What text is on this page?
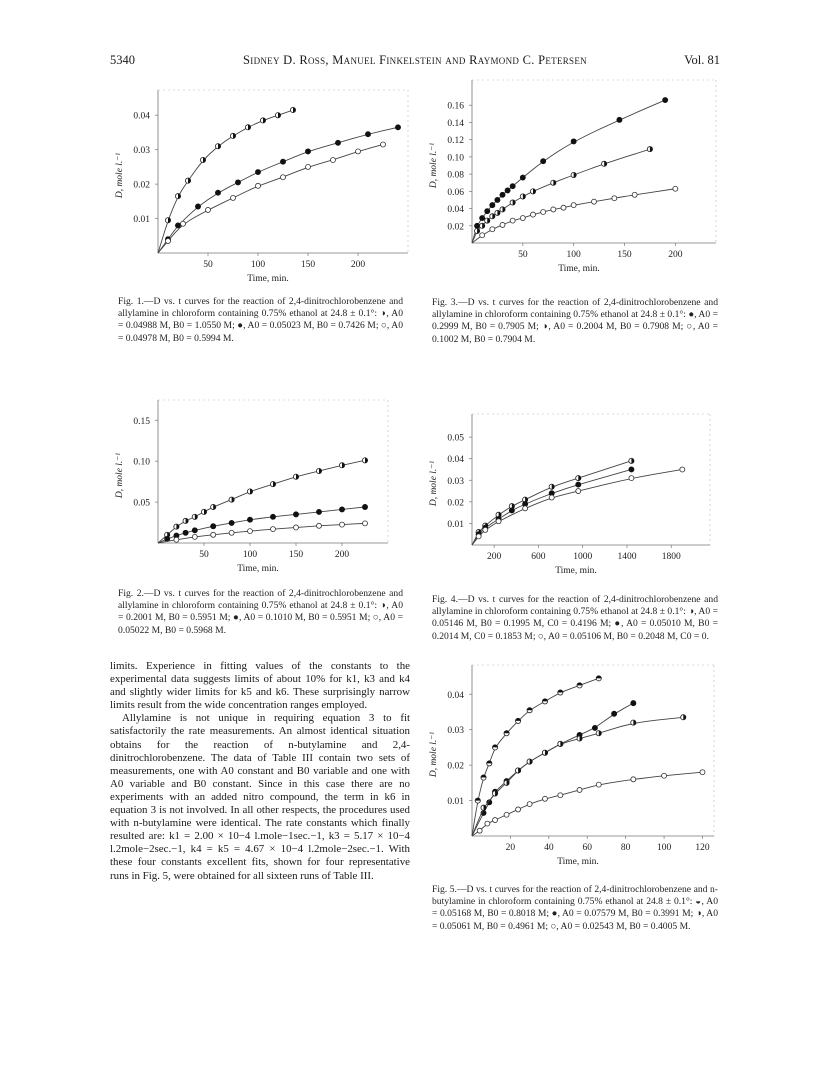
5340	Sidney D. Ross, Manuel Finkelstein and Raymond C. Petersen	Vol. 81
50	100	150	200
0.01
0.02
0.03
0.04
Time, min.
D, mole l.⁻¹
Fig. 1.—D vs. t curves for the reaction of 2,4-dinitrochlorobenzene and allylamine in chloroform containing 0.75% ethanol at 24.8 ± 0.1°: ◑, A0 = 0.04988 M, B0 = 1.0550 M; ●, A0 = 0.05023 M, B0 = 0.7426 M; ○, A0 = 0.04978 M, B0 = 0.5994 M.
50	100	150	200
0.05
0.10
0.15
Time, min.
D, mole l.⁻¹
Fig. 2.—D vs. t curves for the reaction of 2,4-dinitrochlorobenzene and allylamine in chloroform containing 0.75% ethanol at 24.8 ± 0.1°: ◑, A0 = 0.2001 M, B0 = 0.5951 M; ●, A0 = 0.1010 M, B0 = 0.5951 M; ○, A0 = 0.05022 M, B0 = 0.5968 M.
50	100	150	200
0.02
0.04
0.06
0.08
0.10
0.12
0.14
0.16
Time, min.
D, mole l.⁻¹
Fig. 3.—D vs. t curves for the reaction of 2,4-dinitrochlorobenzene and allylamine in chloroform containing 0.75% ethanol at 24.8 ± 0.1°: ●, A0 = 0.2999 M, B0 = 0.7905 M; ◑, A0 = 0.2004 M, B0 = 0.7908 M; ○, A0 = 0.1002 M, B0 = 0.7904 M.
200	600	1000	1400	1800
0.01
0.02
0.03
0.04
0.05
Time, min.
D, mole l.⁻¹
Fig. 4.—D vs. t curves for the reaction of 2,4-dinitrochlorobenzene and allylamine in chloroform containing 0.75% ethanol at 24.8 ± 0.1°: ◑, A0 = 0.05146 M, B0 = 0.1995 M, C0 = 0.4196 M; ●, A0 = 0.05010 M, B0 = 0.2014 M, C0 = 0.1853 M; ○, A0 = 0.05106 M, B0 = 0.2048 M, C0 = 0.
20	40	60	80	100	120
0.01
0.02
0.03
0.04
Time, min.
D, mole l.⁻¹
Fig. 5.—D vs. t curves for the reaction of 2,4-dinitrochlorobenzene and n-butylamine in chloroform containing 0.75% ethanol at 24.8 ± 0.1°: ◒, A0 = 0.05168 M, B0 = 0.8018 M; ●, A0 = 0.07579 M, B0 = 0.3991 M; ◑, A0 = 0.05061 M, B0 = 0.4961 M; ○, A0 = 0.02543 M, B0 = 0.4005 M.

limits. Experience in fitting values of the constants to the experimental data suggests limits of about 10% for k1, k3 and k4 and slightly wider limits for k5 and k6. These surprisingly narrow limits result from the wide concentration ranges employed.

Allylamine is not unique in requiring equation 3 to fit satisfactorily the rate measurements. An almost identical situation obtains for the reaction of n-butylamine and 2,4-dinitrochlorobenzene. The data of Table III contain two sets of measurements, one with A0 constant and B0 variable and one with A0 variable and B0 constant. Since in this case there are no experiments with an added nitro compound, the term in k6 in equation 3 is not involved. In all other respects, the procedures used with n-butylamine were identical. The rate constants which finally resulted are: k1 = 2.00 × 10−4 l.mole−1sec.−1, k3 = 5.17 × 10−4 l.2mole−2sec.−1, k4 = k5 = 4.67 × 10−4 l.2mole−2sec.−1. With these four constants excellent fits, shown for four representative runs in Fig. 5, were obtained for all sixteen runs of Table III.
